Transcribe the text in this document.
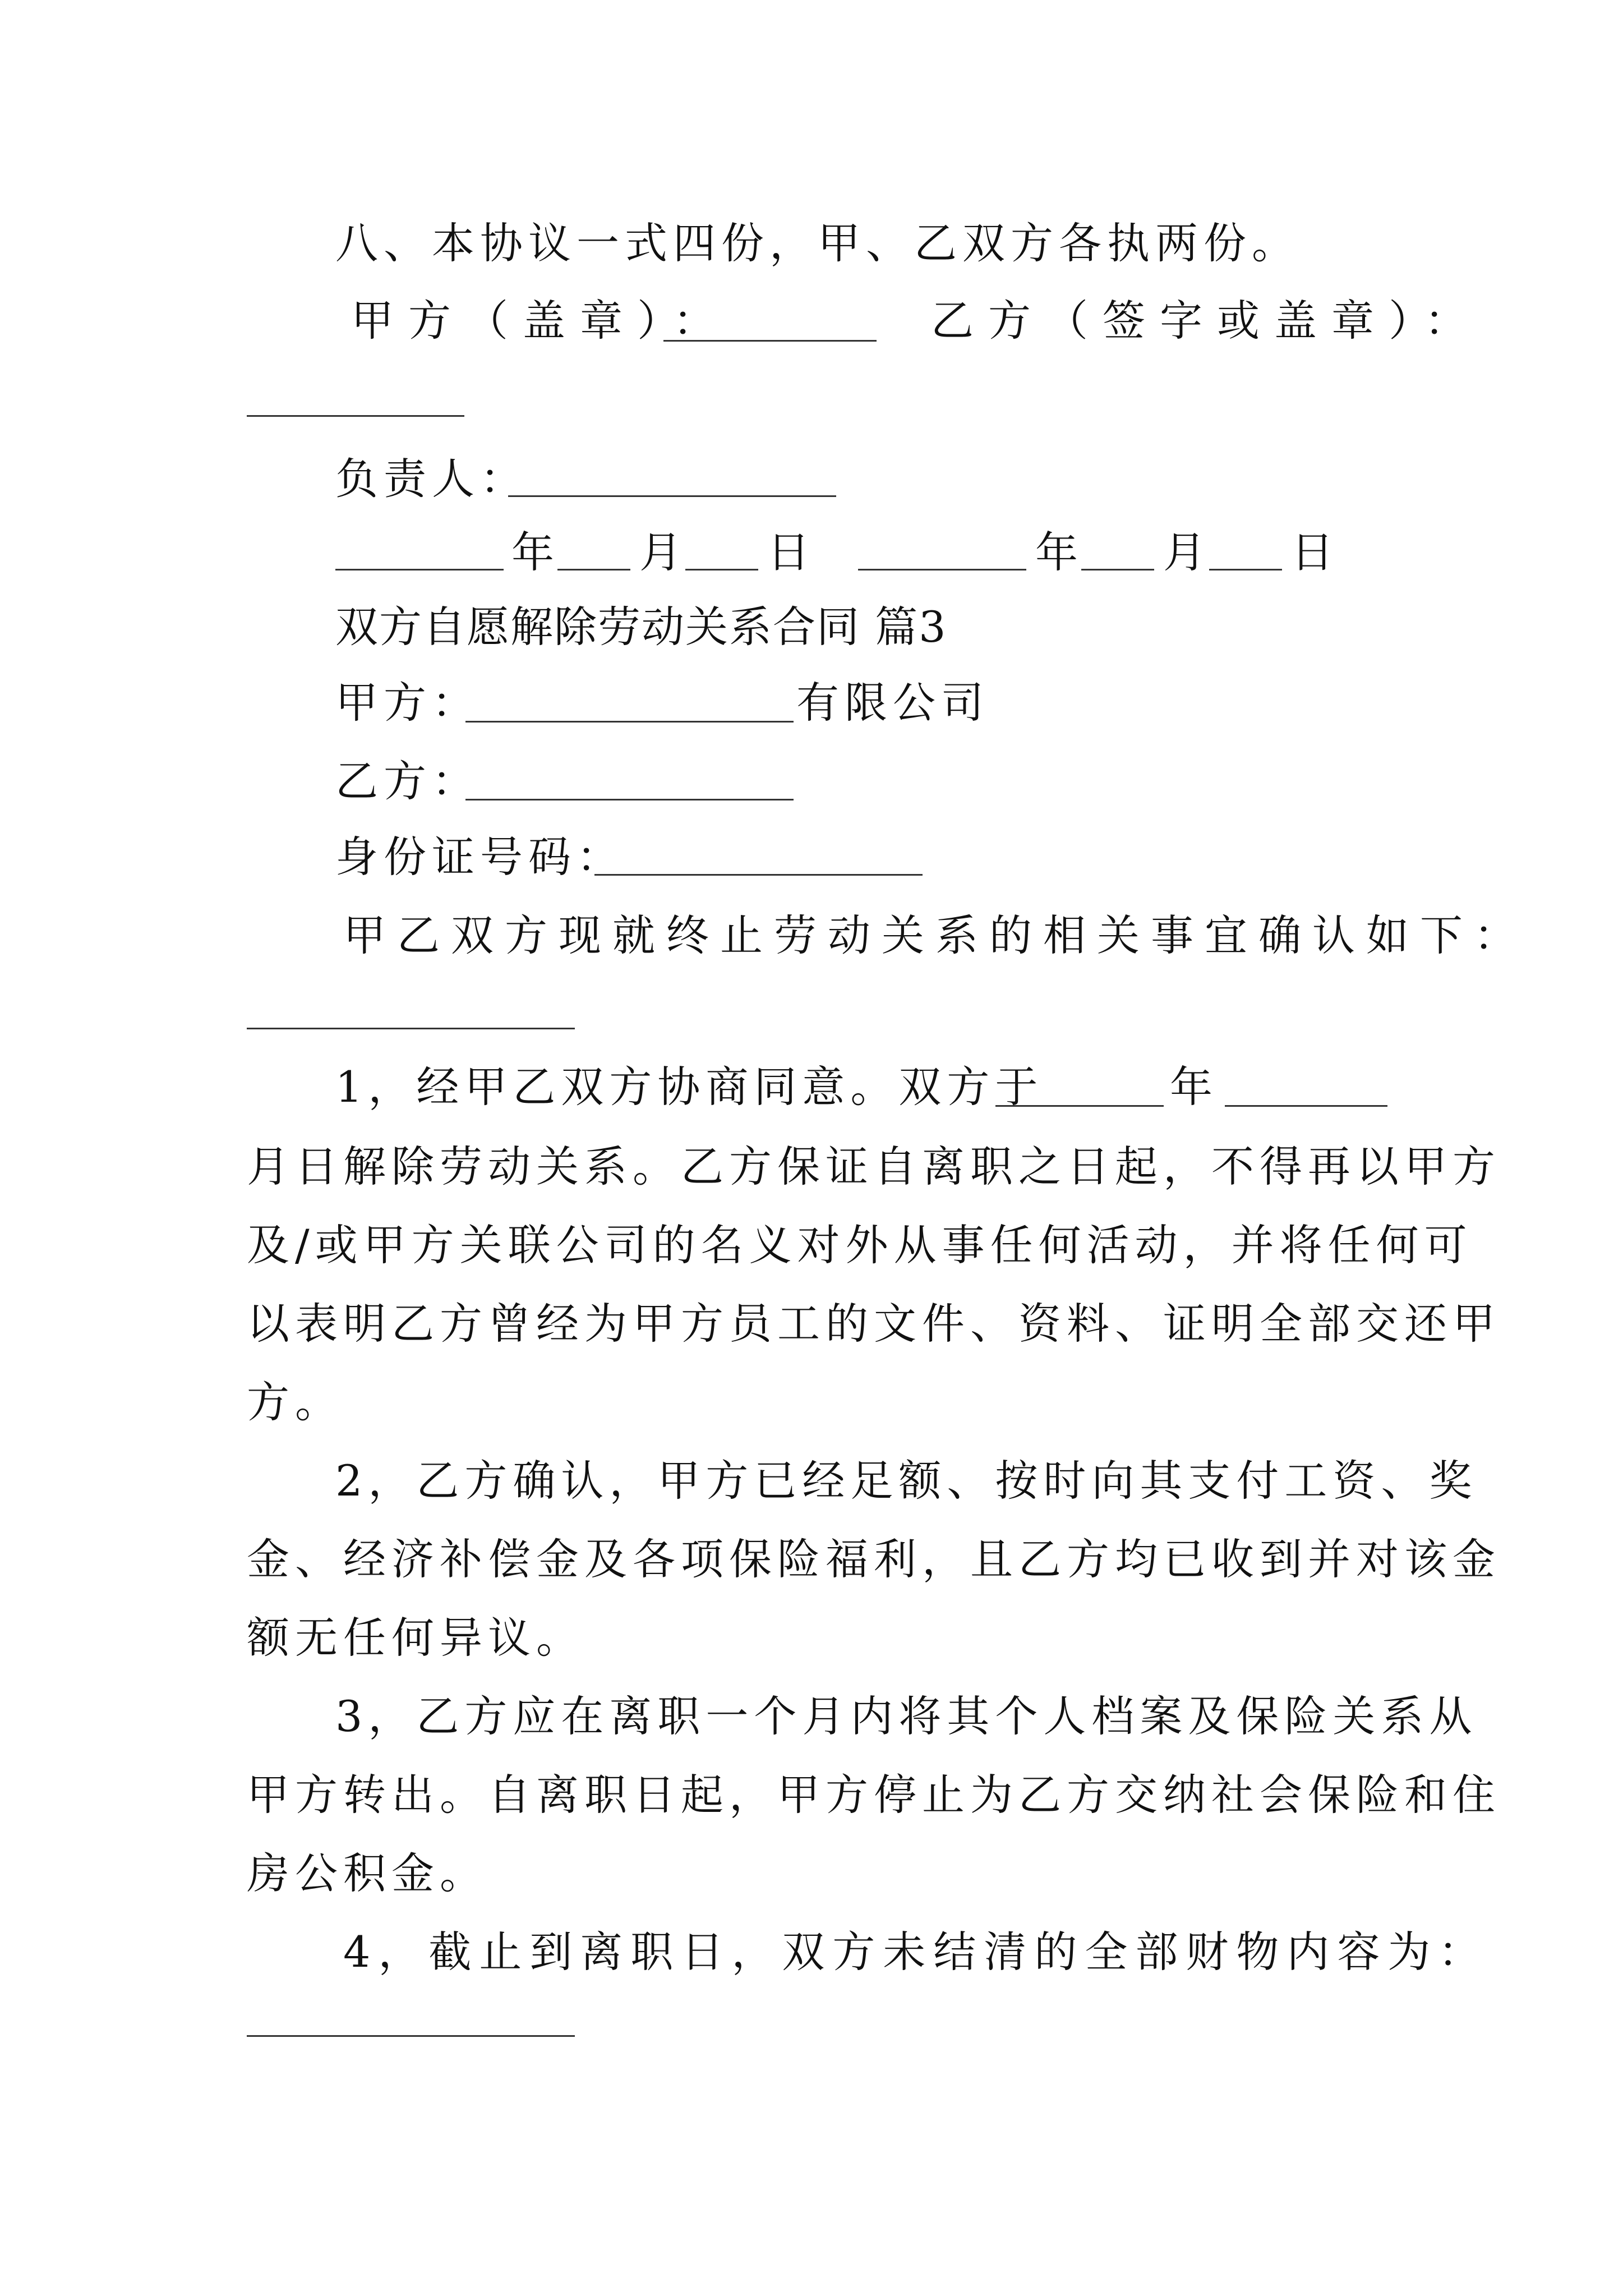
八、本协议一式四份，甲、乙双方各执两份。
甲方（盖章）：	乙方（签字或盖章）：
负责人：
年 月 日	年 月 日
双方自愿解除劳动关系合同 篇3
甲方：	有限公司
乙方：
身份证号码：
甲乙双方现就终止劳动关系的相关事宜确认如下：
1，经甲乙双方协商同意。双方于	年
月日解除劳动关系。乙方保证自离职之日起，不得再以甲方
及/或甲方关联公司的名义对外从事任何活动，并将任何可
以表明乙方曾经为甲方员工的文件、资料、证明全部交还甲
方。
2，乙方确认，甲方已经足额、按时向其支付工资、奖
金、经济补偿金及各项保险福利，且乙方均已收到并对该金
额无任何异议。
3，乙方应在离职一个月内将其个人档案及保险关系从
甲方转出。自离职日起，甲方停止为乙方交纳社会保险和住
房公积金。
4，截止到离职日，双方未结清的全部财物内容为：
